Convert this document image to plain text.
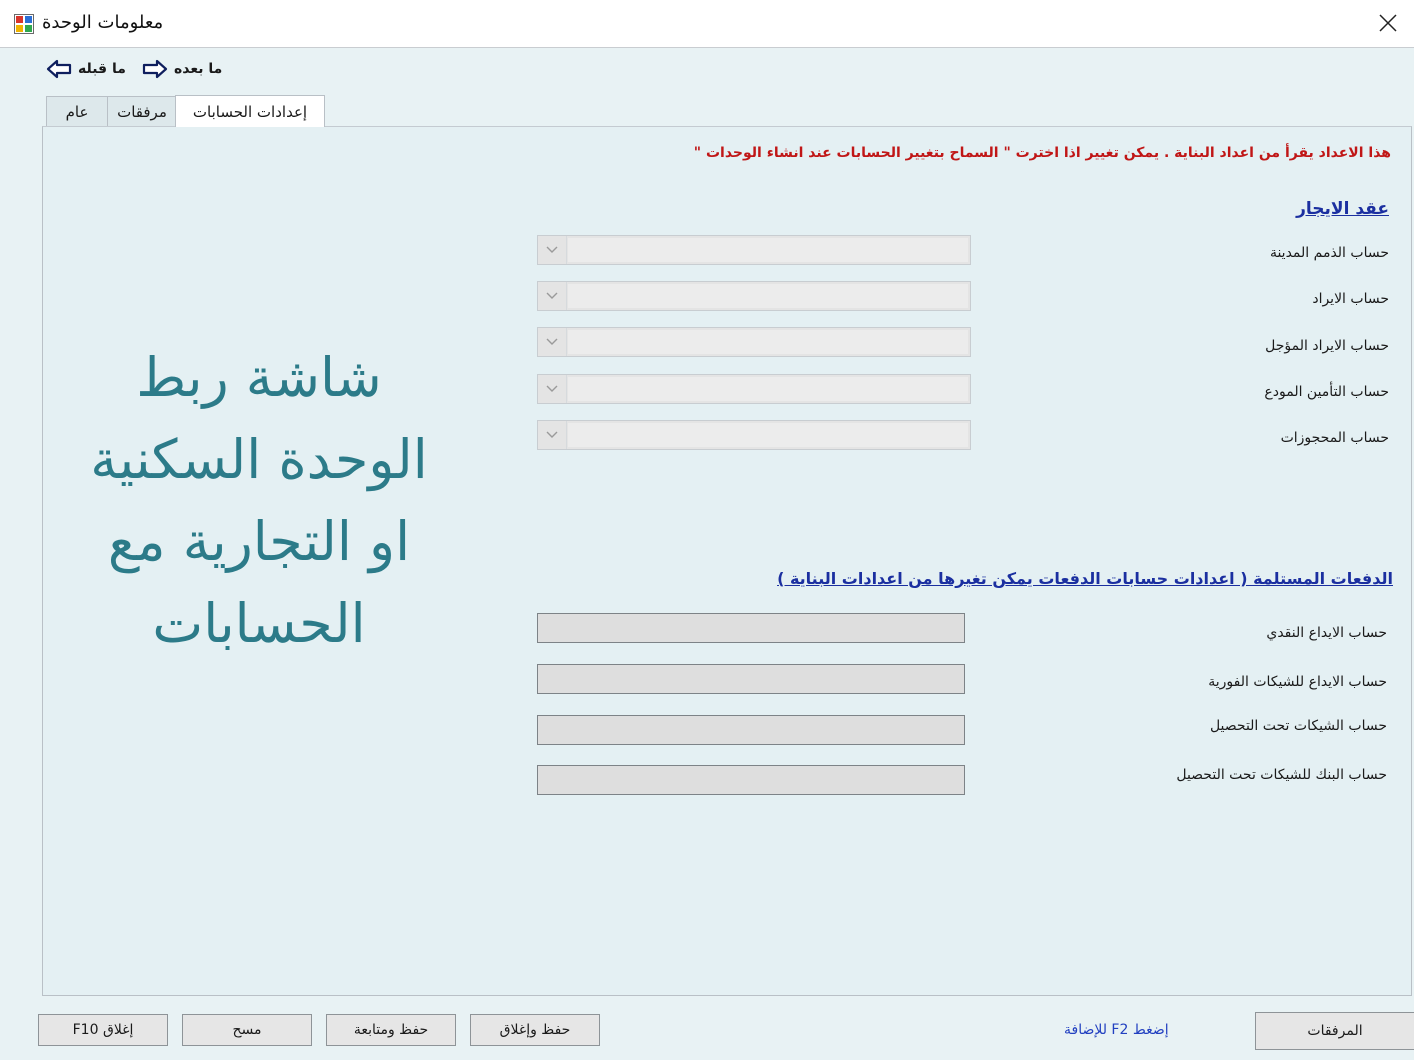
معلومات الوحدة
ما قبله	ما بعده
عام مرفقات إعدادات الحسابات
هذا الاعداد يقرأ من اعداد البناية . يمكن تغيير اذا اخترت " السماح بتغيير الحسابات عند انشاء الوحدات "
عقد الايجار
حساب الذمم المدينة
حساب الايراد
حساب الايراد المؤجل
حساب التأمين المودع
حساب المحجوزات
الدفعات المستلمة ( اعدادات حسابات الدفعات يمكن تغيرها من اعدادات البناية )
حساب الايداع النقدي
حساب الايداع للشيكات الفورية
حساب الشيكات تحت التحصيل
حساب البنك للشيكات تحت التحصيل
شاشة ربط الوحدة السكنية او التجارية مع الحسابات
إغلاق F10	مسح	حفظ ومتابعة	حفظ وإغلاق	إضغط F2 للإضافة	المرفقات
